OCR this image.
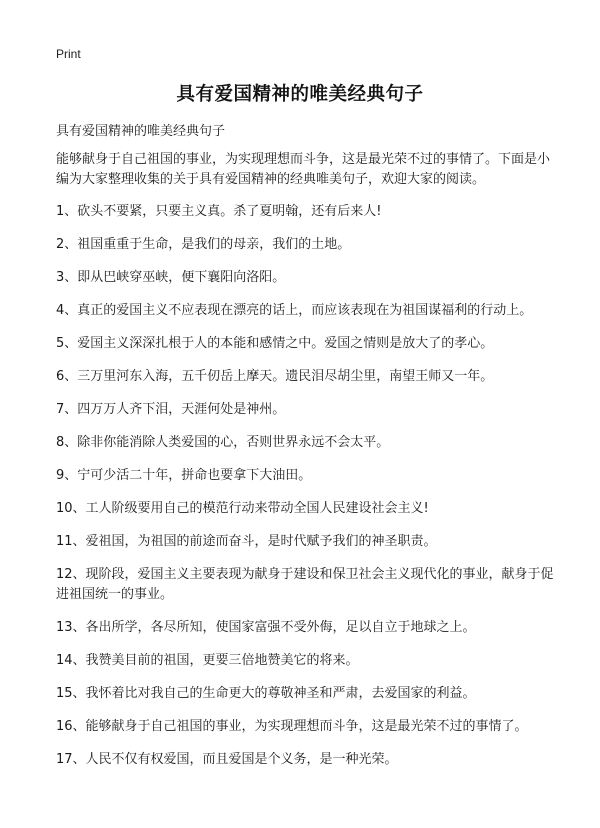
Print
具有爱国精神的唯美经典句子
具有爱国精神的唯美经典句子
能够献身于自己祖国的事业，为实现理想而斗争，这是最光荣不过的事情了。下面是小编为大家整理收集的关于具有爱国精神的经典唯美句子，欢迎大家的阅读。
1、砍头不要紧，只要主义真。杀了夏明翰，还有后来人!
2、祖国重重于生命，是我们的母亲，我们的土地。
3、即从巴峡穿巫峡，便下襄阳向洛阳。
4、真正的爱国主义不应表现在漂亮的话上，而应该表现在为祖国谋福利的行动上。
5、爱国主义深深扎根于人的本能和感情之中。爱国之情则是放大了的孝心。
6、三万里河东入海，五千仞岳上摩天。遗民泪尽胡尘里，南望王师又一年。
7、四万万人齐下泪，天涯何处是神州。
8、除非你能消除人类爱国的心，否则世界永远不会太平。
9、宁可少活二十年，拼命也要拿下大油田。
10、工人阶级要用自己的模范行动来带动全国人民建设社会主义!
11、爱祖国，为祖国的前途而奋斗，是时代赋予我们的神圣职责。
12、现阶段，爱国主义主要表现为献身于建设和保卫社会主义现代化的事业，献身于促进祖国统一的事业。
13、各出所学，各尽所知，使国家富强不受外侮，足以自立于地球之上。
14、我赞美目前的祖国，更要三倍地赞美它的将来。
15、我怀着比对我自己的生命更大的尊敬神圣和严肃，去爱国家的利益。
16、能够献身于自己祖国的事业，为实现理想而斗争，这是最光荣不过的事情了。
17、人民不仅有权爱国，而且爱国是个义务，是一种光荣。
